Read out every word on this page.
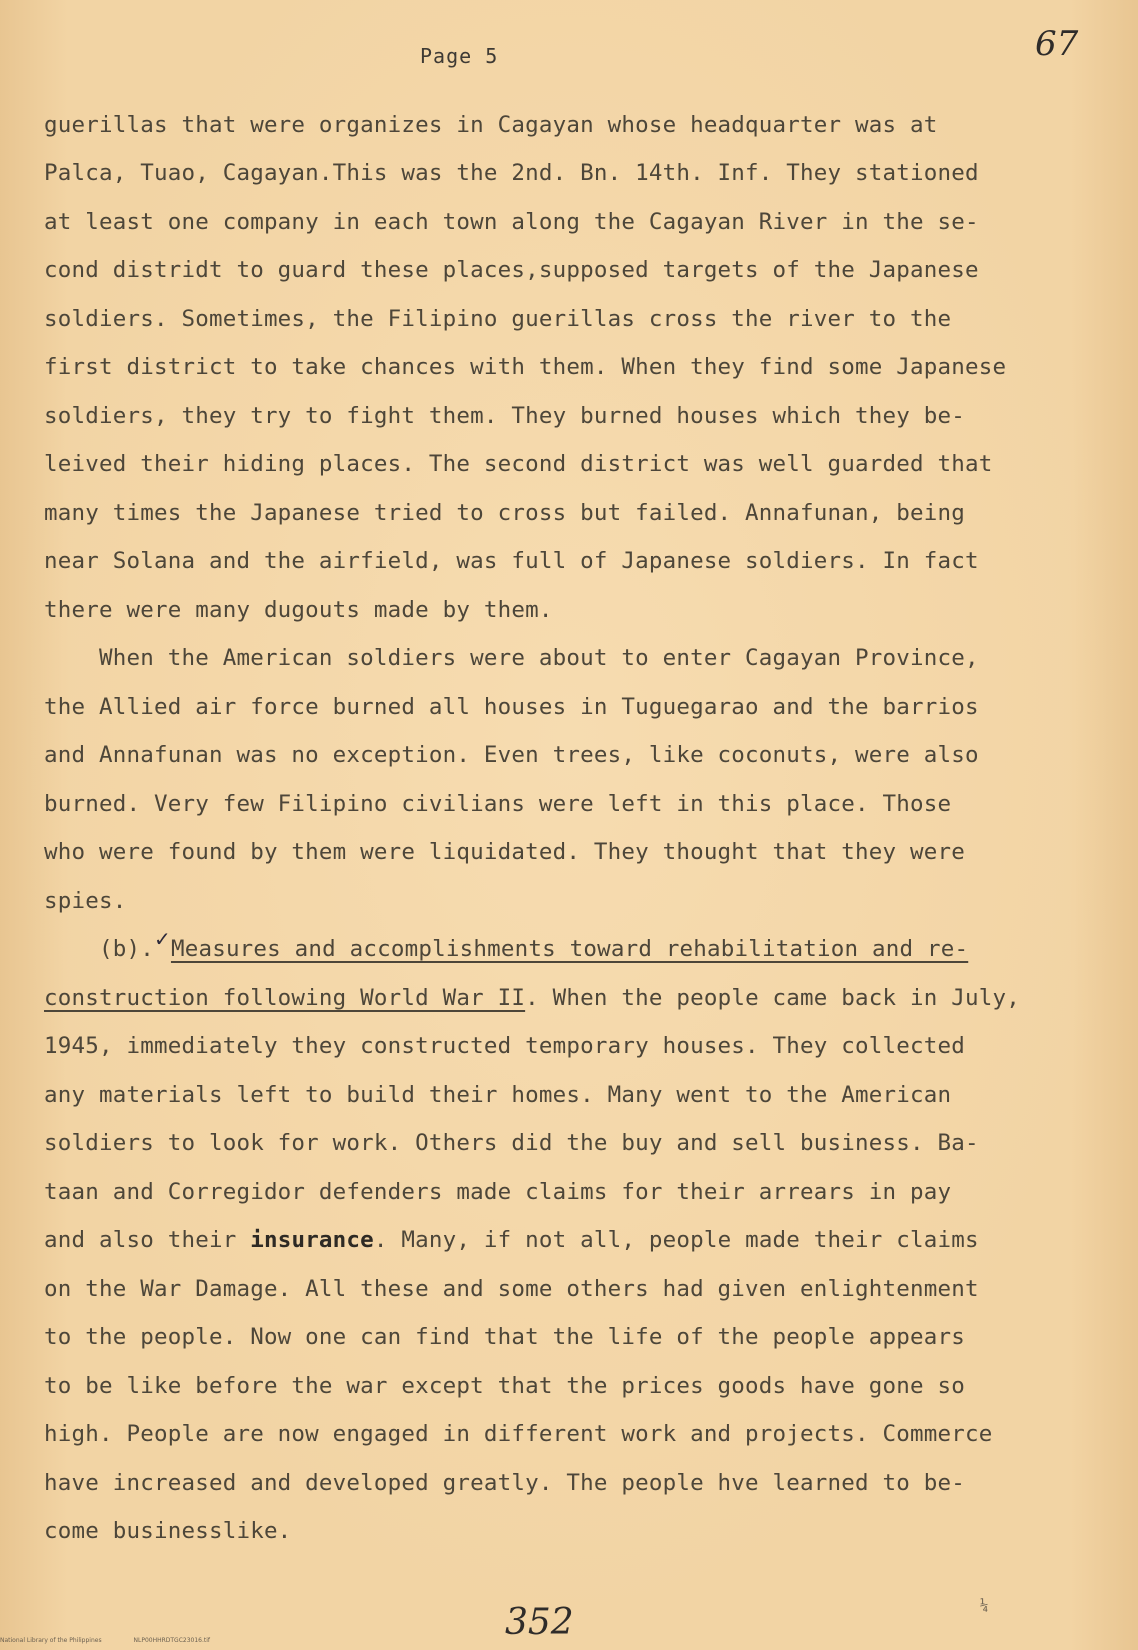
Page 5	67
guerillas that were organizes in Cagayan whose headquarter was at
Palca, Tuao, Cagayan.This was the 2nd. Bn. 14th. Inf. They stationed
at least one company in each town along the Cagayan River in the se-
cond distridt to guard these places,supposed targets of the Japanese
soldiers. Sometimes, the Filipino guerillas cross the river to the
first district to take chances with them. When they find some Japanese
soldiers, they try to fight them. They burned houses which they be-
leived their hiding places. The second district was well guarded that
many times the Japanese tried to cross but failed. Annafunan, being
near Solana and the airfield, was full of Japanese soldiers. In fact
there were many dugouts made by them.
When the American soldiers were about to enter Cagayan Province,
the Allied air force burned all houses in Tuguegarao and the barrios
and Annafunan was no exception. Even trees, like coconuts, were also
burned. Very few Filipino civilians were left in this place. Those
who were found by them were liquidated. They thought that they were
spies.
(b).✓Measures and accomplishments toward rehabilitation and re-
construction following World War II. When the people came back in July,
1945, immediately they constructed temporary houses. They collected
any materials left to build their homes. Many went to the American
soldiers to look for work. Others did the buy and sell business. Ba-
taan and Corregidor defenders made claims for their arrears in pay
and also their insurance. Many, if not all, people made their claims
on the War Damage. All these and some others had given enlightenment
to the people. Now one can find that the life of the people appears
to be like before the war except that the prices goods have gone so
high. People are now engaged in different work and projects. Commerce
have increased and developed greatly. The people hve learned to be-
come businesslike.
¼
352
National Library of the Philippines	NLP00HHRDTGC23016.tif
